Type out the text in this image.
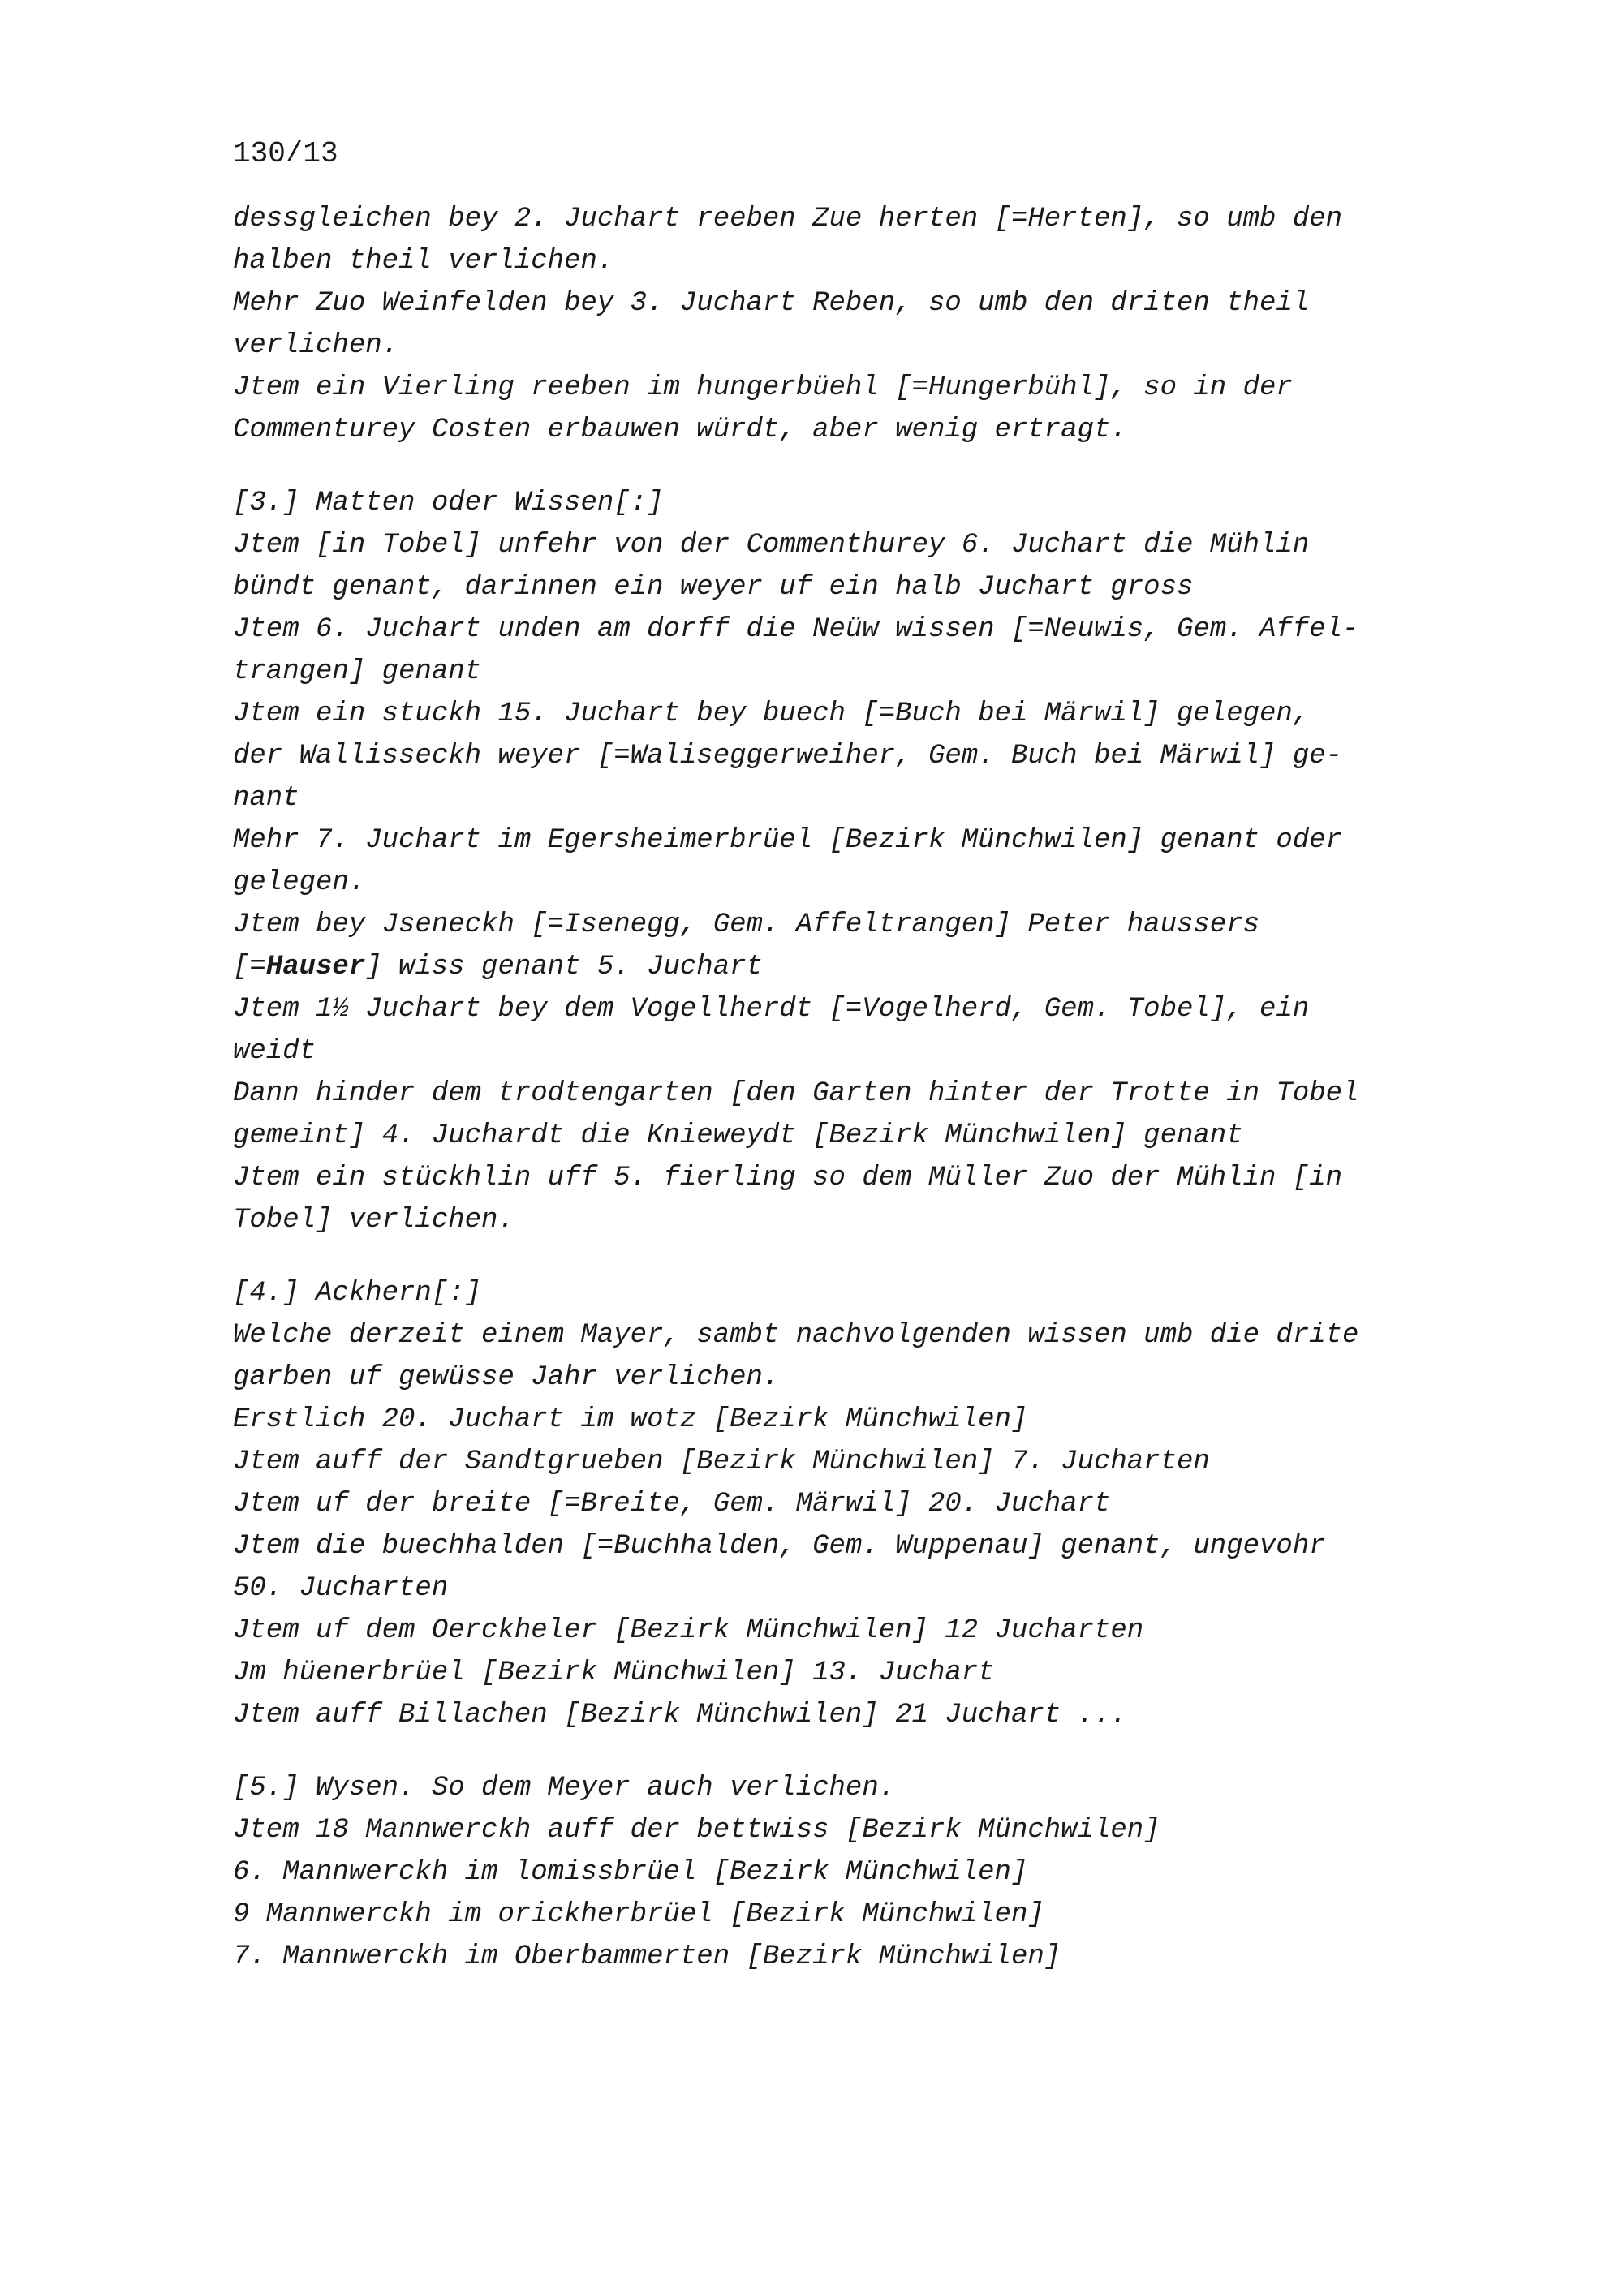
130/13
dessgleichen bey 2. Juchart reeben Zue herten [=Herten], so umb den
halben theil verlichen.
Mehr Zuo Weinfelden bey 3. Juchart Reben, so umb den driten theil
verlichen.
Jtem ein Vierling reeben im hungerbüehl [=Hungerbühl], so in der
Commenturey Costen erbauwen würdt, aber wenig ertragt.
[3.] Matten oder Wissen[:]
Jtem [in Tobel] unfehr von der Commenthurey 6. Juchart die Mühlin
bündt genant, darinnen ein weyer uf ein halb Juchart gross
Jtem 6. Juchart unden am dorff die Neüw wissen [=Neuwis, Gem. Affel-
trangen] genant
Jtem ein stuckh 15. Juchart bey buech [=Buch bei Märwil] gelegen,
der Wallisseckh weyer [=Waliseggerweiher, Gem. Buch bei Märwil] ge-
nant
Mehr 7. Juchart im Egersheimerbrüel [Bezirk Münchwilen] genant oder
gelegen.
Jtem bey Jseneckh [=Isenegg, Gem. Affeltrangen] Peter haussers
[=Hauser] wiss genant 5. Juchart
Jtem 1½ Juchart bey dem Vogellherdt [=Vogelherd, Gem. Tobel], ein
weidt
Dann hinder dem trodtengarten [den Garten hinter der Trotte in Tobel
gemeint] 4. Juchardt die Knieweydt [Bezirk Münchwilen] genant
Jtem ein stückhlin uff 5. fierling so dem Müller Zuo der Mühlin [in
Tobel] verlichen.
[4.] Ackhern[:]
Welche derzeit einem Mayer, sambt nachvolgenden wissen umb die drite
garben uf gewüsse Jahr verlichen.
Erstlich 20. Juchart im wotz [Bezirk Münchwilen]
Jtem auff der Sandtgrueben [Bezirk Münchwilen] 7. Jucharten
Jtem uf der breite [=Breite, Gem. Märwil] 20. Juchart
Jtem die buechhalden [=Buchhalden, Gem. Wuppenau] genant, ungevohr
50. Jucharten
Jtem uf dem Oerckheler [Bezirk Münchwilen] 12 Jucharten
Jm hüenerbrüel [Bezirk Münchwilen] 13. Juchart
Jtem auff Billachen [Bezirk Münchwilen] 21 Juchart ...
[5.] Wysen. So dem Meyer auch verlichen.
Jtem 18 Mannwerckh auff der bettwiss [Bezirk Münchwilen]
6. Mannwerckh im lomissbrüel [Bezirk Münchwilen]
9 Mannwerckh im orickherbrüel [Bezirk Münchwilen]
7. Mannwerckh im Oberbammerten [Bezirk Münchwilen]
